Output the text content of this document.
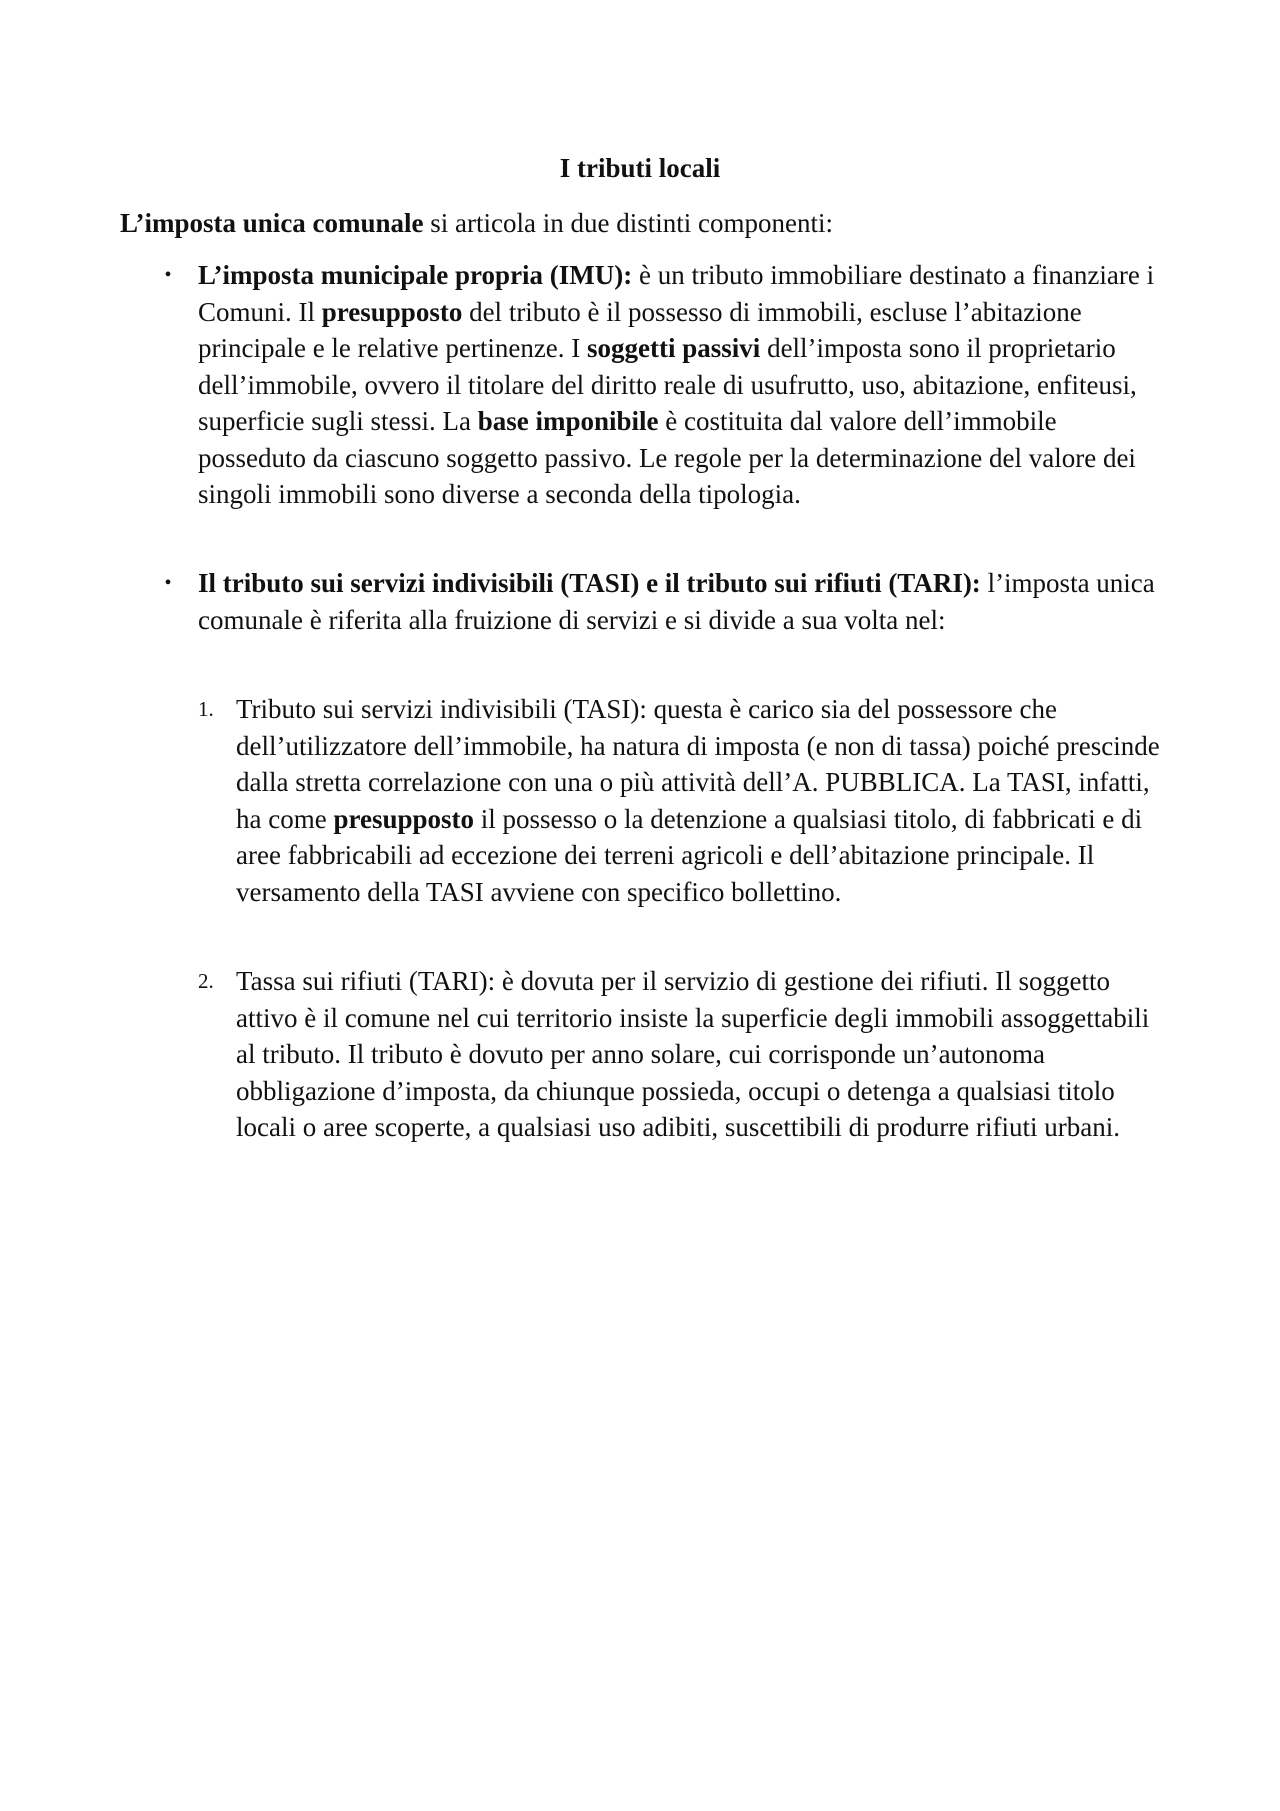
I tributi locali
L’imposta unica comunale si articola in due distinti componenti:
• L’imposta municipale propria (IMU): è un tributo immobiliare destinato a finanziare i Comuni. Il presupposto del tributo è il possesso di immobili, escluse l’abitazione principale e le relative pertinenze. I soggetti passivi dell’imposta sono il proprietario dell’immobile, ovvero il titolare del diritto reale di usufrutto, uso, abitazione, enfiteusi, superficie sugli stessi. La base imponibile è costituita dal valore dell’immobile posseduto da ciascuno soggetto passivo. Le regole per la determinazione del valore dei singoli immobili sono diverse a seconda della tipologia.
• Il tributo sui servizi indivisibili (TASI) e il tributo sui rifiuti (TARI): l’imposta unica comunale è riferita alla fruizione di servizi e si divide a sua volta nel:
1. Tributo sui servizi indivisibili (TASI): questa è carico sia del possessore che dell’utilizzatore dell’immobile, ha natura di imposta (e non di tassa) poiché prescinde dalla stretta correlazione con una o più attività dell’A. PUBBLICA. La TASI, infatti, ha come presupposto il possesso o la detenzione a qualsiasi titolo, di fabbricati e di aree fabbricabili ad eccezione dei terreni agricoli e dell’abitazione principale. Il versamento della TASI avviene con specifico bollettino.
2. Tassa sui rifiuti (TARI): è dovuta per il servizio di gestione dei rifiuti. Il soggetto attivo è il comune nel cui territorio insiste la superficie degli immobili assoggettabili al tributo. Il tributo è dovuto per anno solare, cui corrisponde un’autonoma obbligazione d’imposta, da chiunque possieda, occupi o detenga a qualsiasi titolo locali o aree scoperte, a qualsiasi uso adibiti, suscettibili di produrre rifiuti urbani.
